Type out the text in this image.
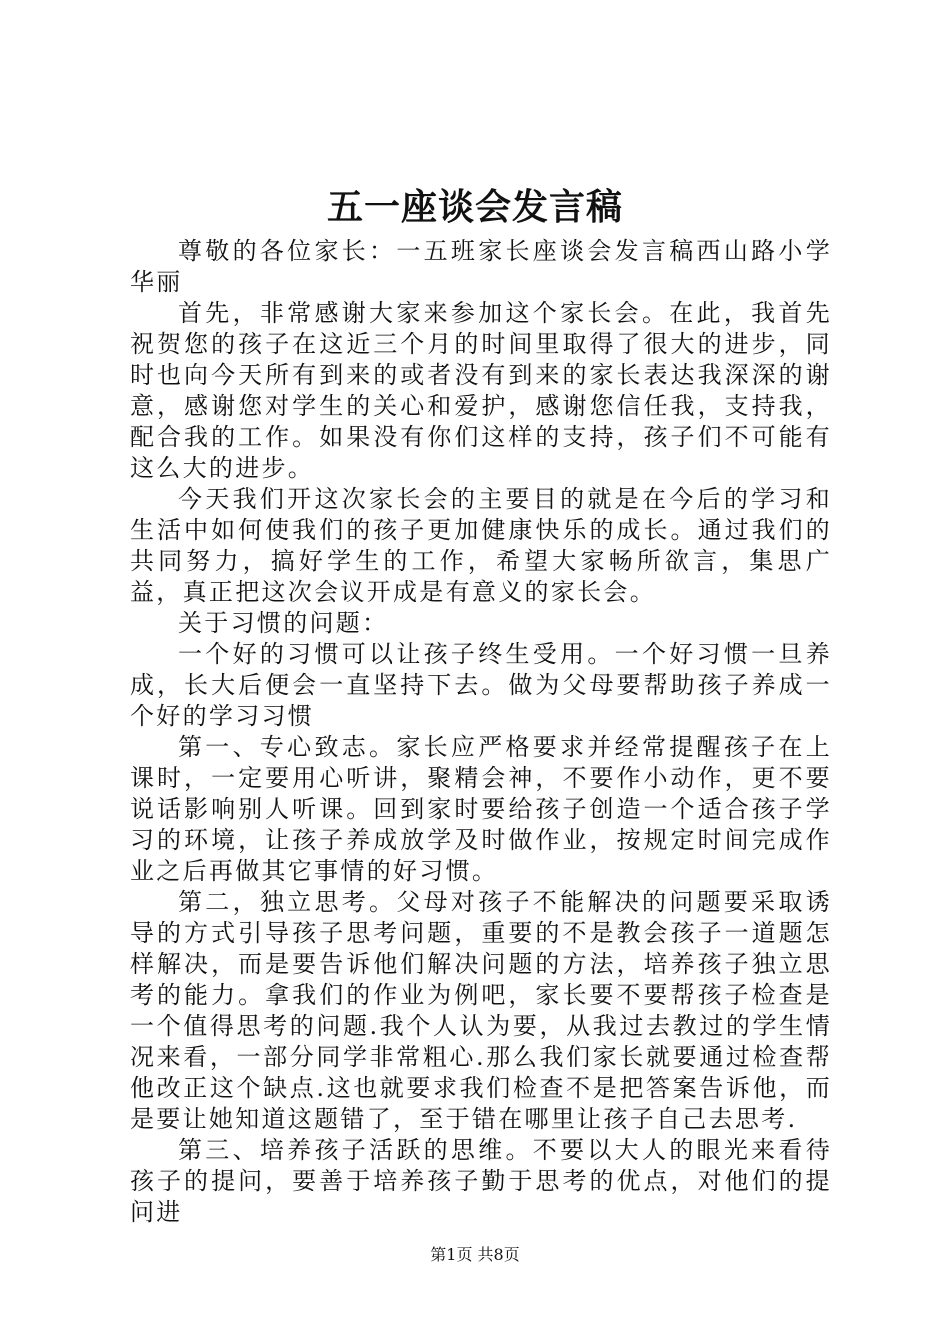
五一座谈会发言稿

尊敬的各位家长：一五班家长座谈会发言稿西山路小学华丽

首先，非常感谢大家来参加这个家长会。在此，我首先祝贺您的孩子在这近三个月的时间里取得了很大的进步，同时也向今天所有到来的或者没有到来的家长表达我深深的谢意，感谢您对学生的关心和爱护，感谢您信任我，支持我，配合我的工作。如果没有你们这样的支持，孩子们不可能有这么大的进步。

今天我们开这次家长会的主要目的就是在今后的学习和生活中如何使我们的孩子更加健康快乐的成长。通过我们的共同努力，搞好学生的工作，希望大家畅所欲言，集思广益，真正把这次会议开成是有意义的家长会。

关于习惯的问题：

一个好的习惯可以让孩子终生受用。一个好习惯一旦养成，长大后便会一直坚持下去。做为父母要帮助孩子养成一个好的学习习惯

第一、专心致志。家长应严格要求并经常提醒孩子在上课时，一定要用心听讲，聚精会神，不要作小动作，更不要说话影响别人听课。回到家时要给孩子创造一个适合孩子学习的环境，让孩子养成放学及时做作业，按规定时间完成作业之后再做其它事情的好习惯。

第二，独立思考。父母对孩子不能解决的问题要采取诱导的方式引导孩子思考问题，重要的不是教会孩子一道题怎样解决，而是要告诉他们解决问题的方法，培养孩子独立思考的能力。拿我们的作业为例吧，家长要不要帮孩子检查是一个值得思考的问题.我个人认为要，从我过去教过的学生情况来看，一部分同学非常粗心.那么我们家长就要通过检查帮他改正这个缺点.这也就要求我们检查不是把答案告诉他，而是要让她知道这题错了，至于错在哪里让孩子自己去思考.

第三、培养孩子活跃的思维。不要以大人的眼光来看待孩子的提问，要善于培养孩子勤于思考的优点，对他们的提问进

第1页 共8页
